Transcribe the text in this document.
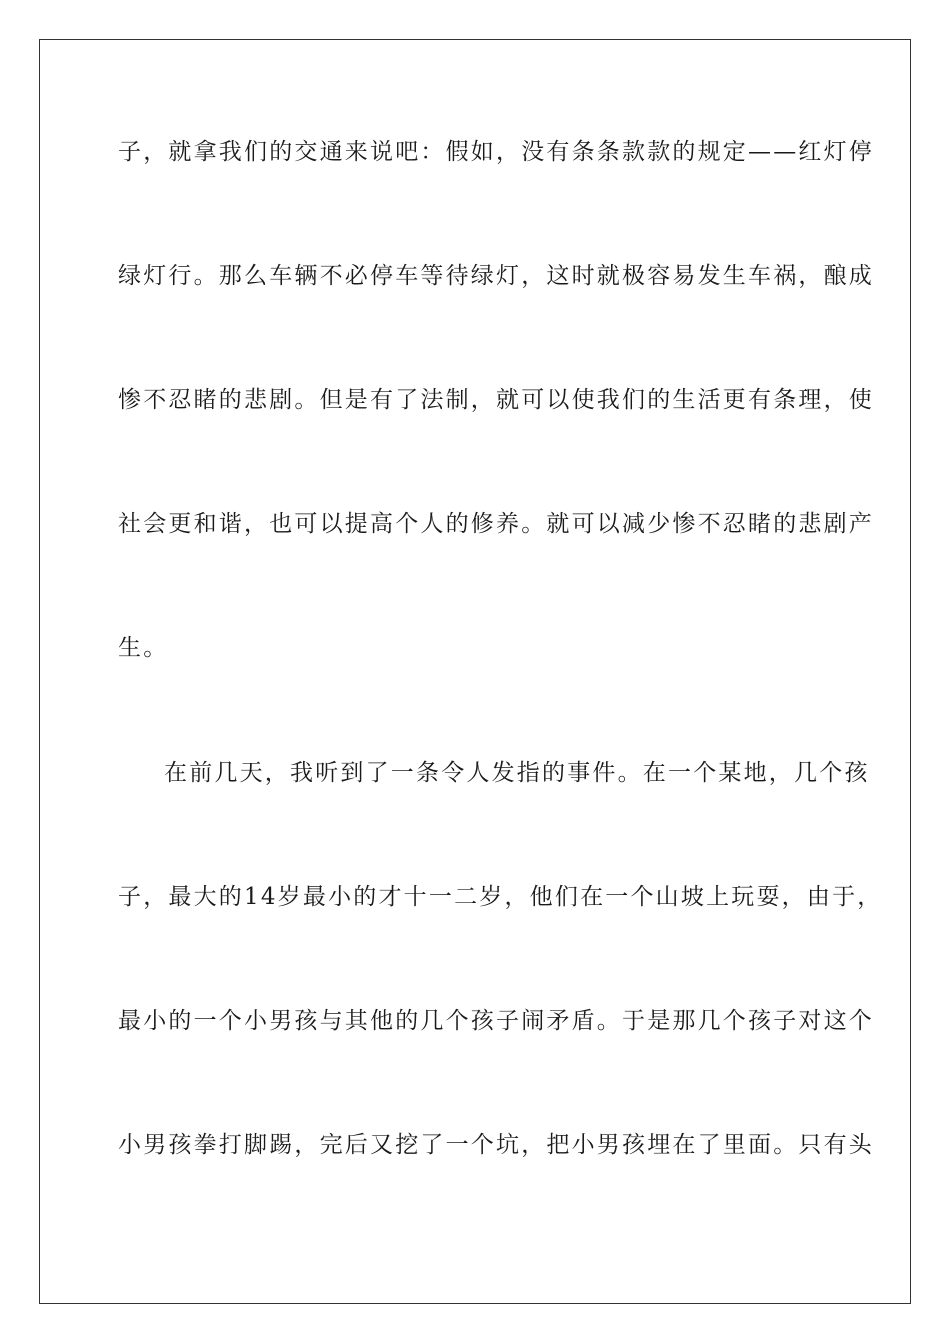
子，就拿我们的交通来说吧：假如，没有条条款款的规定——红灯停
绿灯行。那么车辆不必停车等待绿灯，这时就极容易发生车祸，酿成
惨不忍睹的悲剧。但是有了法制，就可以使我们的生活更有条理，使
社会更和谐，也可以提高个人的修养。就可以减少惨不忍睹的悲剧产
生。
在前几天，我听到了一条令人发指的事件。在一个某地，几个孩
子，最大的14岁最小的才十一二岁，他们在一个山坡上玩耍，由于，
最小的一个小男孩与其他的几个孩子闹矛盾。于是那几个孩子对这个
小男孩拳打脚踢，完后又挖了一个坑，把小男孩埋在了里面。只有头
